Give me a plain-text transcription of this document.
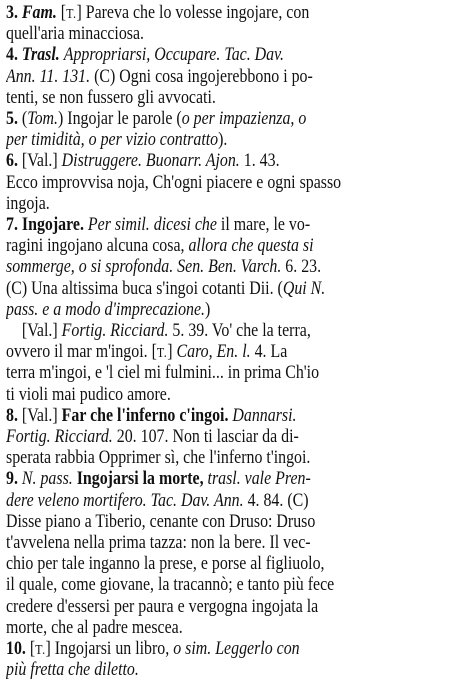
3. Fam. [T.] Pareva che lo volesse ingojare, con
quell'aria minacciosa.
4. Trasl. Appropriarsi, Occupare. Tac. Dav.
Ann. 11. 131. (C) Ogni cosa ingojerebbono i po-
tenti, se non fussero gli avvocati.
5. (Tom.) Ingojar le parole (o per impazienza, o
per timidità, o per vizio contratto).
6. [Val.] Distruggere. Buonarr. Ajon. 1. 43.
Ecco improvvisa noja, Ch'ogni piacere e ogni spasso
ingoja.
7. Ingojare. Per simil. dicesi che il mare, le vo-
ragini ingojano alcuna cosa, allora che questa si
sommerge, o si sprofonda. Sen. Ben. Varch. 6. 23.
(C) Una altissima buca s'ingoi cotanti Dii. (Qui N.
pass. e a modo d'imprecazione.)
[Val.] Fortig. Ricciard. 5. 39. Vo' che la terra,
ovvero il mar m'ingoi. [T.] Caro, En. l. 4. La
terra m'ingoi, e 'l ciel mi fulmini... in prima Ch'io
ti violi mai pudico amore.
8. [Val.] Far che l'inferno c'ingoi. Dannarsi.
Fortig. Ricciard. 20. 107. Non ti lasciar da di-
sperata rabbia Opprimer sì, che l'inferno t'ingoi.
9. N. pass. Ingojarsi la morte, trasl. vale Pren-
dere veleno mortifero. Tac. Dav. Ann. 4. 84. (C)
Disse piano a Tiberio, cenante con Druso: Druso
t'avvelena nella prima tazza: non la bere. Il vec-
chio per tale inganno la prese, e porse al figliuolo,
il quale, come giovane, la tracannò; e tanto più fece
credere d'essersi per paura e vergogna ingojata la
morte, che al padre mescea.
10. [T.] Ingojarsi un libro, o sim. Leggerlo con
più fretta che diletto.
